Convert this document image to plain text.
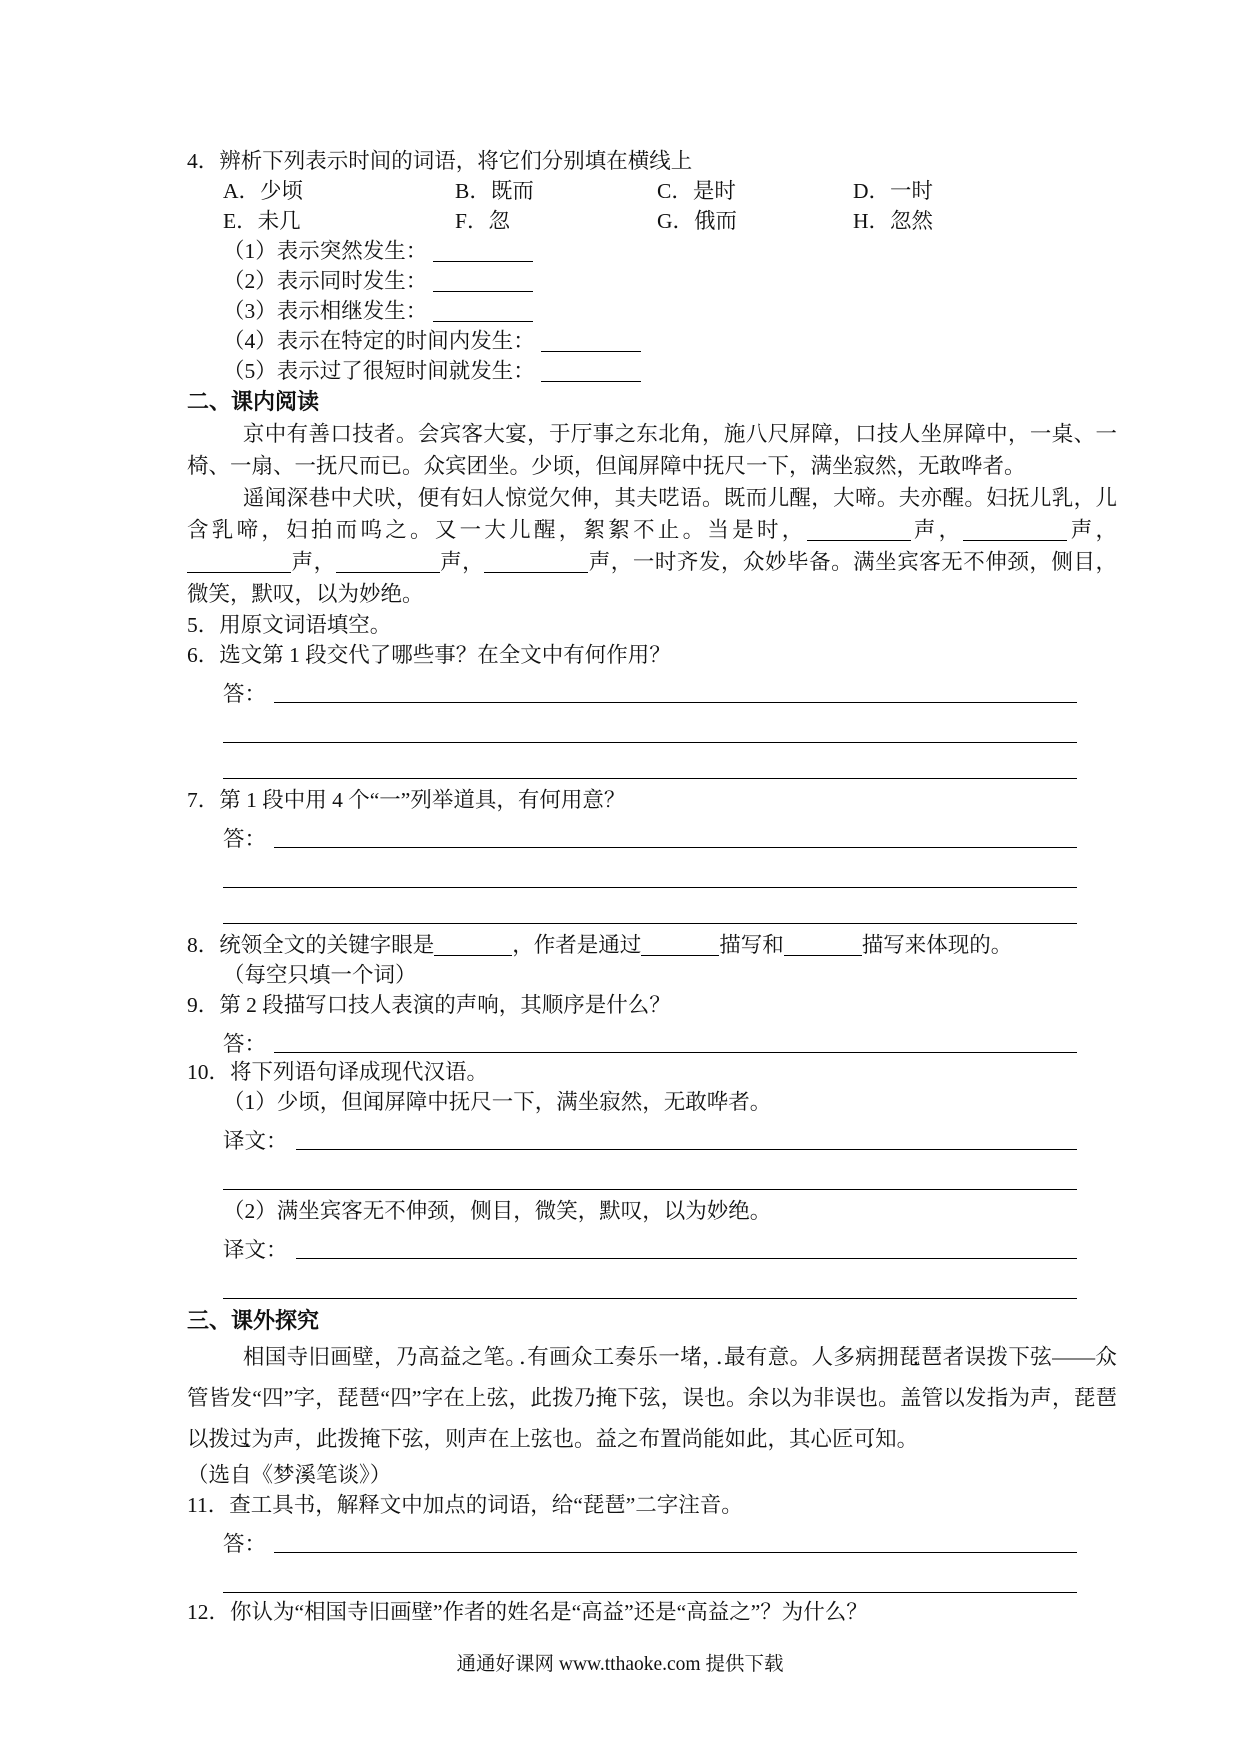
4．辨析下列表示时间的词语，将它们分别填在横线上
A．少顷	B．既而	C．是时	D．一时
E．未几	F．忽	G．俄而	H．忽然
（1）表示突然发生：
（2）表示同时发生：
（3）表示相继发生：
（4）表示在特定的时间内发生：
（5）表示过了很短时间就发生：
二、课内阅读

京中有善口技者。会宾客大宴，于厅事之东北角，施八尺屏障，口技人坐屏障中，一桌、一椅、一扇、一抚尺而已。众宾团坐。少顷，但闻屏障中抚尺一下，满坐寂然，无敢哗者。

遥闻深巷中犬吠，便有妇人惊觉欠伸，其夫呓语。既而儿醒，大啼。夫亦醒。妇抚儿乳，儿含乳啼，妇拍而呜之。又一大儿醒，絮絮不止。当是时，	声，	声，声，	声，	声，一时齐发，众妙毕备。满坐宾客无不伸颈，侧目，微笑，默叹，以为妙绝。

5．用原文词语填空。
6．选文第 1 段交代了哪些事？在全文中有何作用？
答：
7．第 1 段中用 4 个“一”列举道具，有何用意？
答：
8．统领全文的关键字眼是	，作者是通过	描写和	描写来体现的。
（每空只填一个词）
9．第 2 段描写口技人表演的声响，其顺序是什么？
答：
10．将下列语句译成现代汉语。
（1）少顷，但闻屏障中抚尺一下，满坐寂然，无敢哗者。
译文：
（2）满坐宾客无不伸颈，侧目，微笑，默叹，以为妙绝。
译文：
三、课外探究

相国寺旧画壁，乃高益之笔。有画众工奏乐一堵，最有意。人多病拥琵琶者误拨下弦——众管皆发“四”字，琵琶“四”字在上弦，此拨乃掩下弦，误也。余以为非误也。盖管以发指为声，琵琶以拨过为声，此拨掩下弦，则声在上弦也。益之布置尚能如此，其心匠可知。

（选自《梦溪笔谈》）
11．查工具书，解释文中加点的词语，给“琵琶”二字注音。
答：
12．你认为“相国寺旧画壁”作者的姓名是“高益”还是“高益之”？为什么？
通通好课网 www.tthaoke.com 提供下载
